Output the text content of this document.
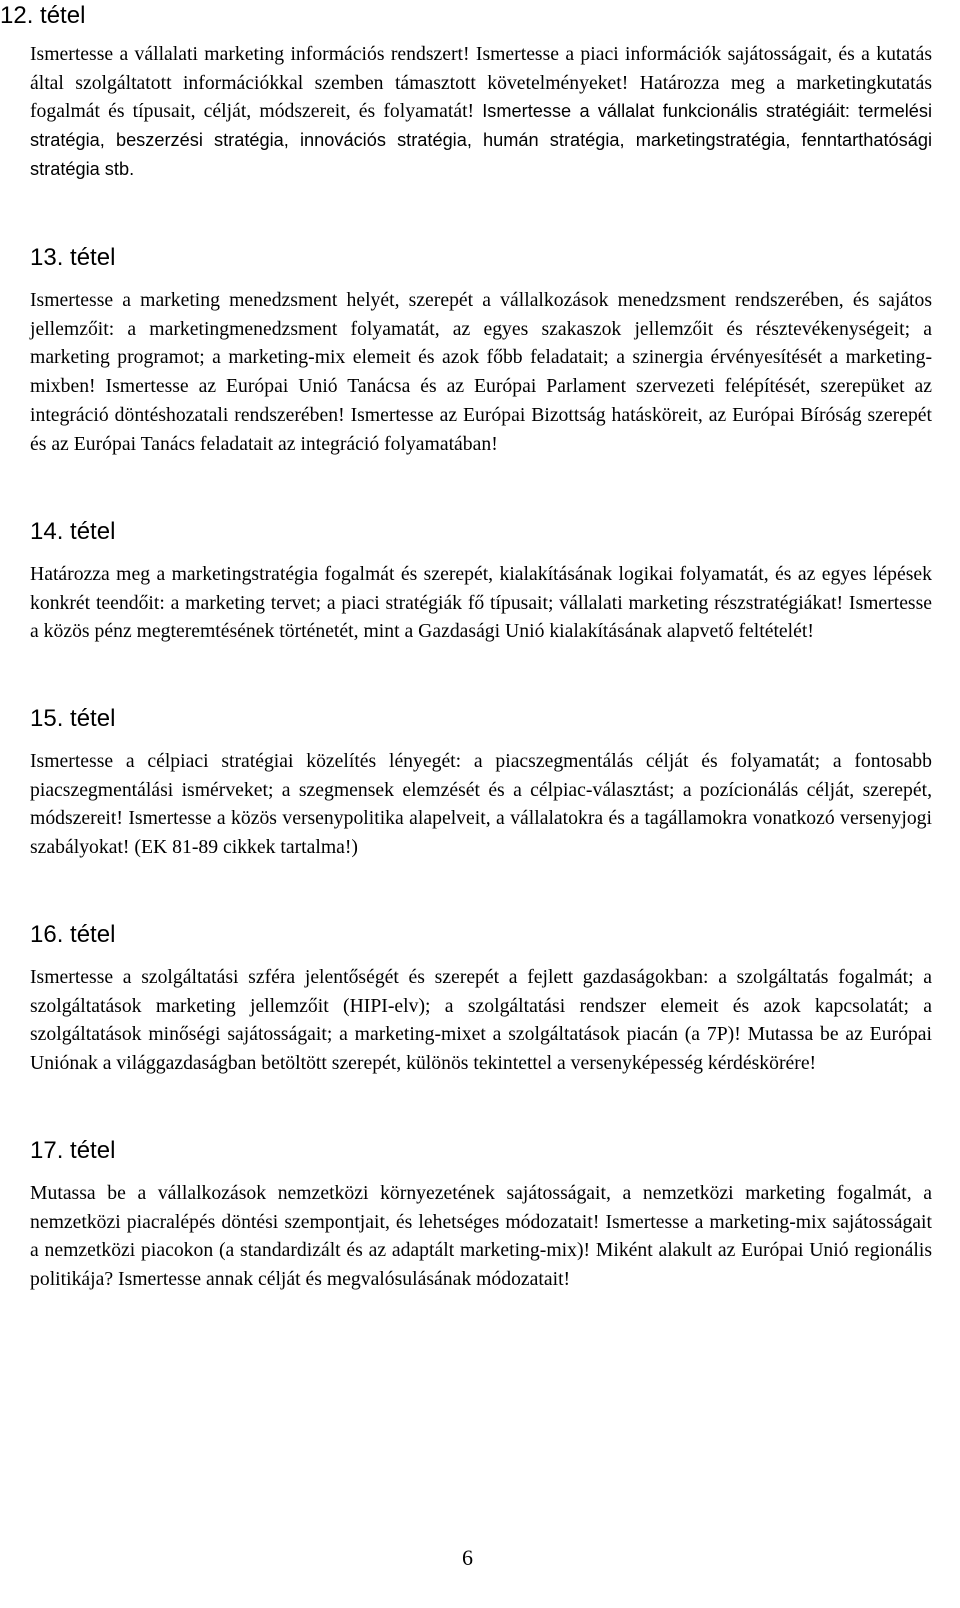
12. tétel

Ismertesse a vállalati marketing információs rendszert! Ismertesse a piaci információk sajátosságait, és a kutatás által szolgáltatott információkkal szemben támasztott követelményeket! Határozza meg a marketingkutatás fogalmát és típusait, célját, módszereit, és folyamatát! Ismertesse a vállalat funkcionális stratégiáit: termelési stratégia, beszerzési stratégia, innovációs stratégia, humán stratégia, marketingstratégia, fenntarthatósági stratégia stb.

13. tétel

Ismertesse a marketing menedzsment helyét, szerepét a vállalkozások menedzsment rendszerében, és sajátos jellemzőit: a marketingmenedzsment folyamatát, az egyes szakaszok jellemzőit és résztevékenységeit; a marketing programot; a marketing-mix elemeit és azok főbb feladatait; a szinergia érvényesítését a marketing-mixben! Ismertesse az Európai Unió Tanácsa és az Európai Parlament szervezeti felépítését, szerepüket az integráció döntéshozatali rendszerében! Ismertesse az Európai Bizottság hatásköreit, az Európai Bíróság szerepét és az Európai Tanács feladatait az integráció folyamatában!

14. tétel

Határozza meg a marketingstratégia fogalmát és szerepét, kialakításának logikai folyamatát, és az egyes lépések konkrét teendőit: a marketing tervet; a piaci stratégiák fő típusait; vállalati marketing részstratégiákat! Ismertesse a közös pénz megteremtésének történetét, mint a Gazdasági Unió kialakításának alapvető feltételét!

15. tétel

Ismertesse a célpiaci stratégiai közelítés lényegét: a piacszegmentálás célját és folyamatát; a fontosabb piacszegmentálási ismérveket; a szegmensek elemzését és a célpiac-választást; a pozícionálás célját, szerepét, módszereit! Ismertesse a közös versenypolitika alapelveit, a vállalatokra és a tagállamokra vonatkozó versenyjogi szabályokat! (EK 81-89 cikkek tartalma!)

16. tétel

Ismertesse a szolgáltatási szféra jelentőségét és szerepét a fejlett gazdaságokban: a szolgáltatás fogalmát; a szolgáltatások marketing jellemzőit (HIPI-elv); a szolgáltatási rendszer elemeit és azok kapcsolatát; a szolgáltatások minőségi sajátosságait; a marketing-mixet a szolgáltatások piacán (a 7P)! Mutassa be az Európai Uniónak a világgazdaságban betöltött szerepét, különös tekintettel a versenyképesség kérdéskörére!

17. tétel

Mutassa be a vállalkozások nemzetközi környezetének sajátosságait, a nemzetközi marketing fogalmát, a nemzetközi piacralépés döntési szempontjait, és lehetséges módozatait! Ismertesse a marketing-mix sajátosságait a nemzetközi piacokon (a standardizált és az adaptált marketing-mix)! Miként alakult az Európai Unió regionális politikája? Ismertesse annak célját és megvalósulásának módozatait!

6
